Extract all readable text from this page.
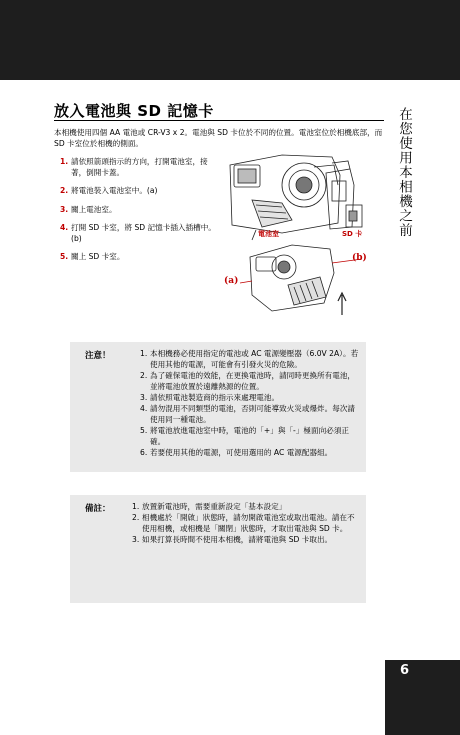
放入電池與 SD 記憶卡
本相機使用四個 AA 電池或 CR-V3 x 2。電池與 SD 卡位於不同的位置。電池室位於相機底部，而 SD 卡室位於相機的側面。
1. 請依照箭頭指示的方向，打開電池室，接著，倒開卡蓋。
2. 將電池裝入電池室中。(a)
3. 關上電池室。
4. 打開 SD 卡室，將 SD 記憶卡插入插槽中。(b)
5. 關上 SD 卡室。
電池室	SD 卡
(a)
(b)
在您使用本相機之前
注意！	1. 本相機務必使用指定的電池或 AC 電源變壓器（6.0V 2A）。若使用其他的電源，可能會有引發火災的危險。
2. 為了確保電池的效能，在更換電池時，請同時更換所有電池，並將電池放置於遠離熱源的位置。
3. 請依照電池製造商的指示來處理電池。
4. 請勿混用不同類型的電池，否則可能導致火災或爆炸。每次請使用同一種電池。
5. 將電池放進電池室中時，電池的「+」與「-」極面向必須正確。
6. 若要使用其他的電源，可使用選用的 AC 電源配器組。
備註：	1. 放置新電池時，需要重新設定「基本設定」
2. 相機處於「開啟」狀態時，請勿開啟電池室或取出電池。請在不使用相機，或相機是「關閉」狀態時，才取出電池與 SD 卡。
3. 如果打算長時間不使用本相機，請將電池與 SD 卡取出。
6
